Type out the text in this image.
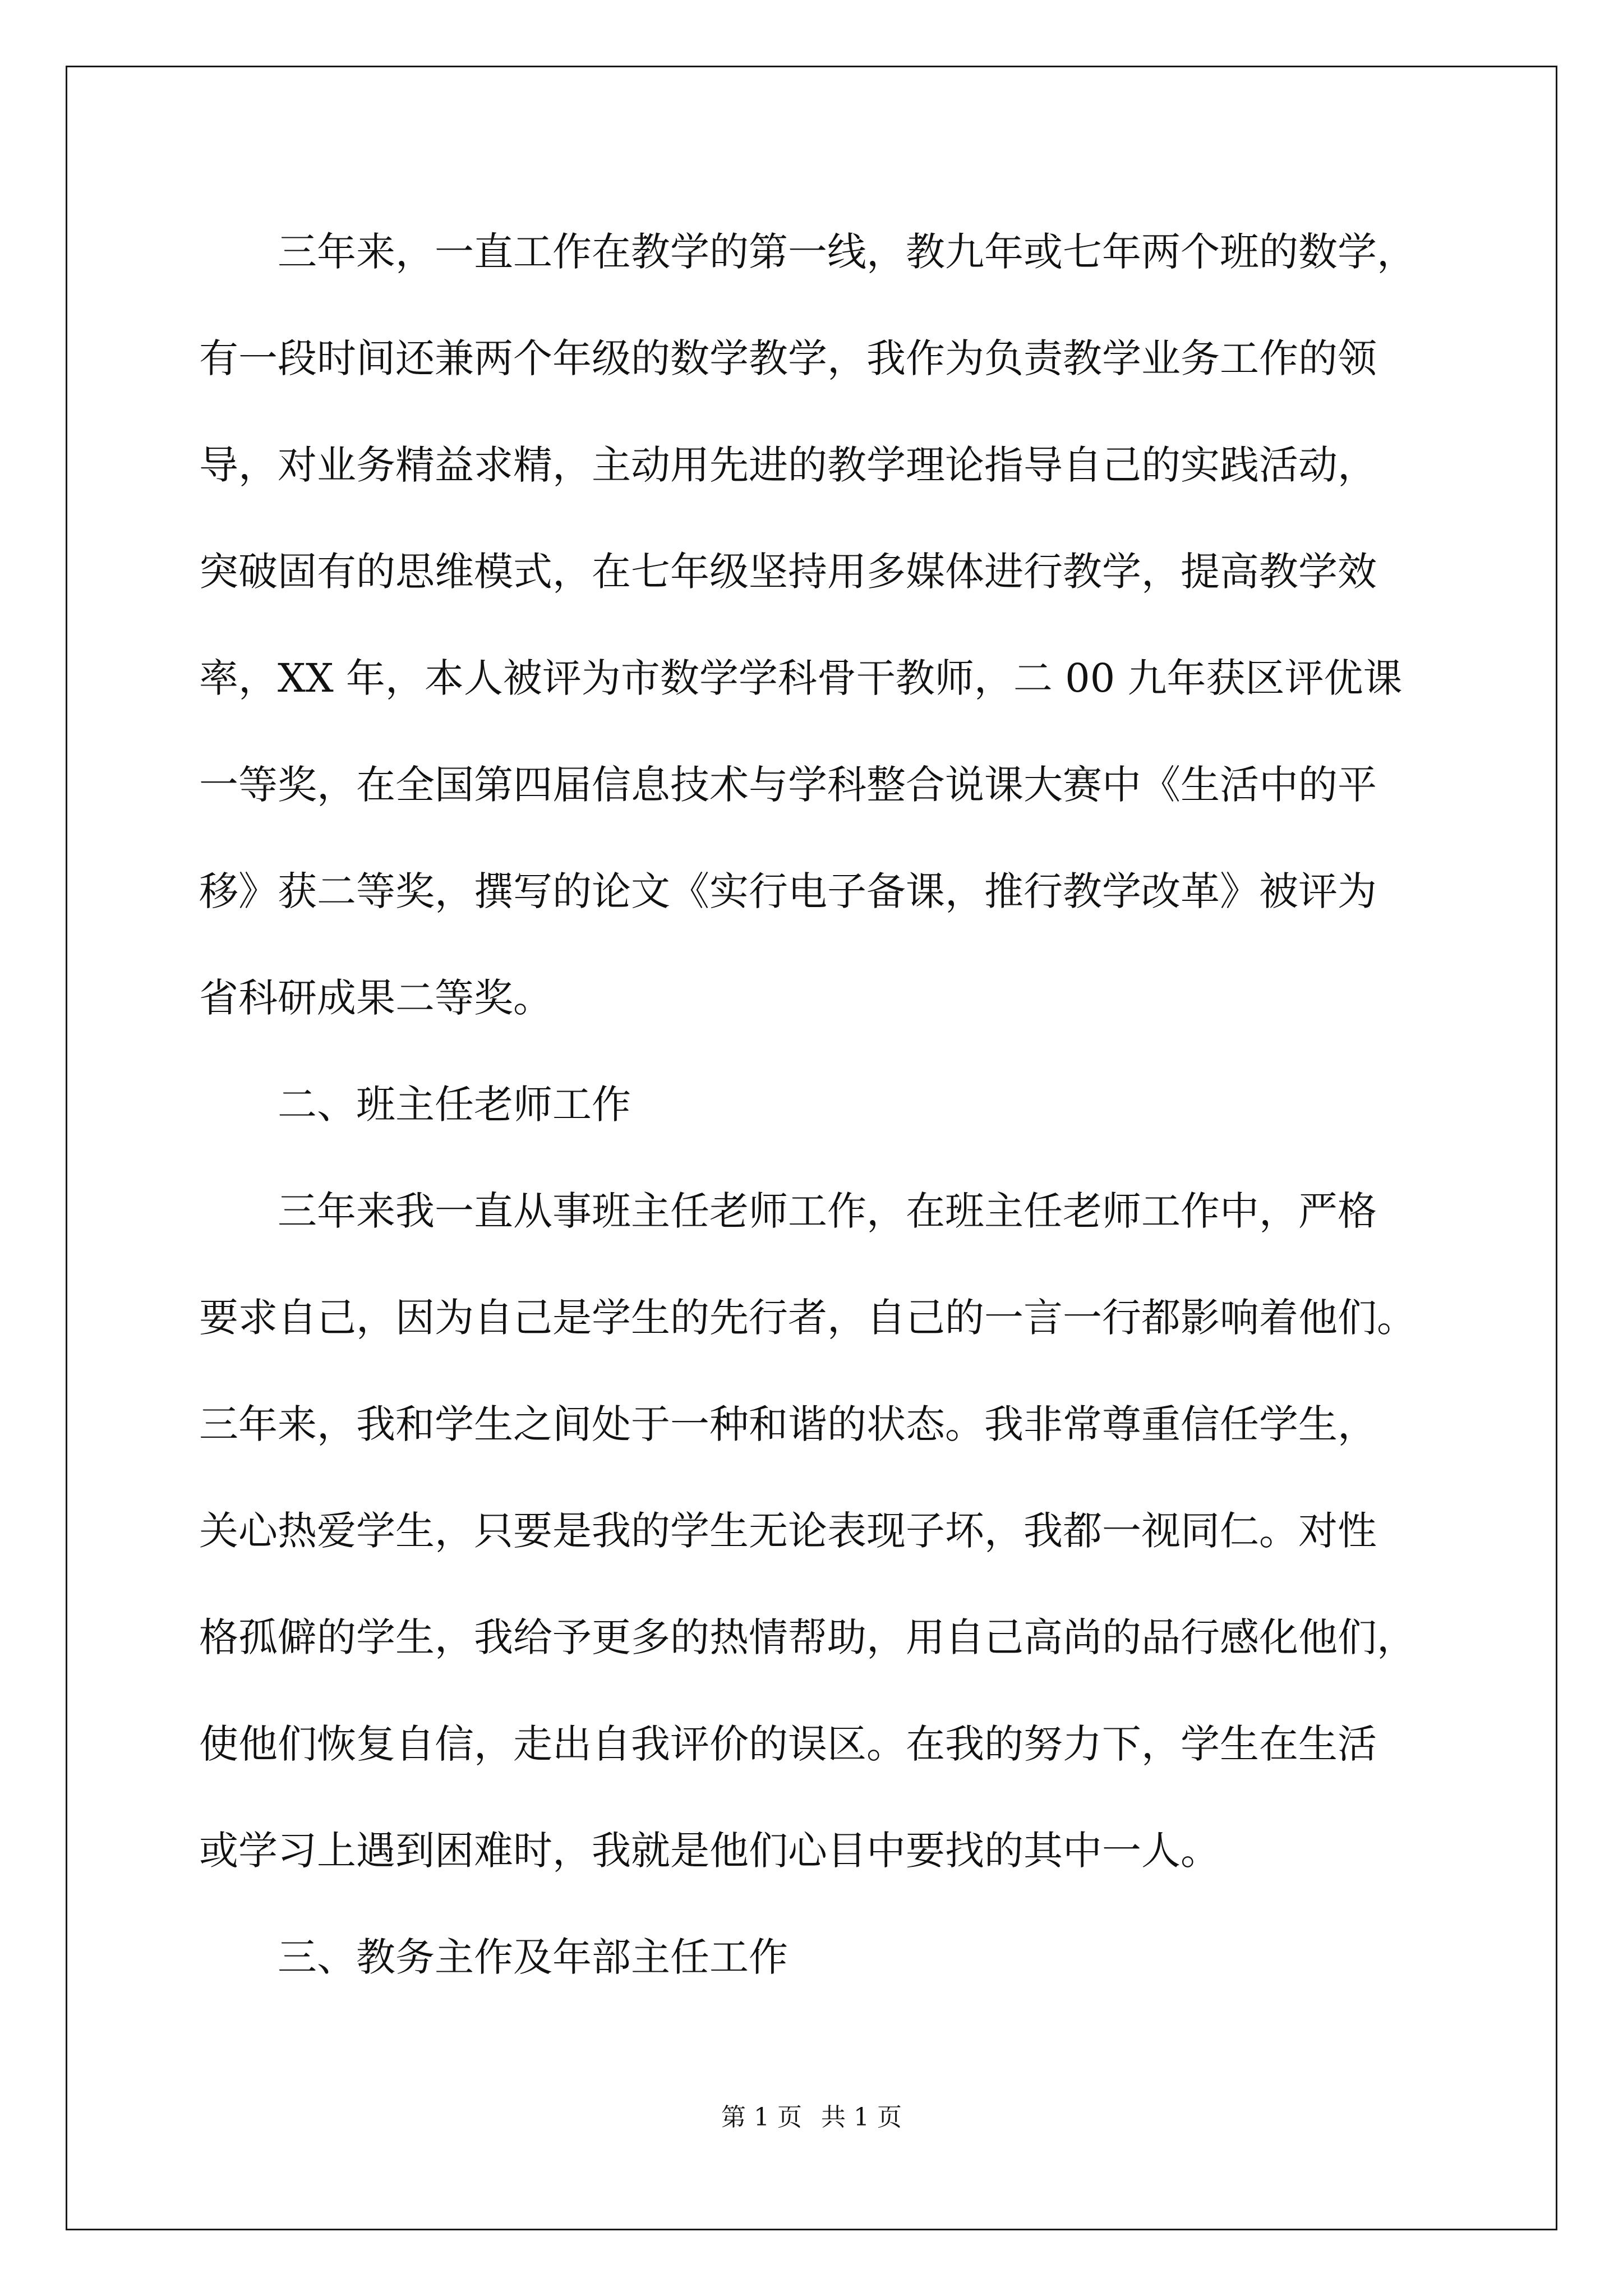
三年来，一直工作在教学的第一线，教九年或七年两个班的数学，
有一段时间还兼两个年级的数学教学，我作为负责教学业务工作的领
导，对业务精益求精，主动用先进的教学理论指导自己的实践活动，
突破固有的思维模式，在七年级坚持用多媒体进行教学，提高教学效
率，XX 年，本人被评为市数学学科骨干教师，二 00 九年获区评优课
一等奖，在全国第四届信息技术与学科整合说课大赛中《生活中的平
移》获二等奖，撰写的论文《实行电子备课，推行教学改革》被评为
省科研成果二等奖。
二、班主任老师工作
三年来我一直从事班主任老师工作，在班主任老师工作中，严格
要求自己，因为自己是学生的先行者，自己的一言一行都影响着他们。
三年来，我和学生之间处于一种和谐的状态。我非常尊重信任学生，
关心热爱学生，只要是我的学生无论表现子坏，我都一视同仁。对性
格孤僻的学生，我给予更多的热情帮助，用自己高尚的品行感化他们，
使他们恢复自信，走出自我评价的误区。在我的努力下，学生在生活
或学习上遇到困难时，我就是他们心目中要找的其中一人。
三、教务主作及年部主任工作
第 1 页 共 1 页
